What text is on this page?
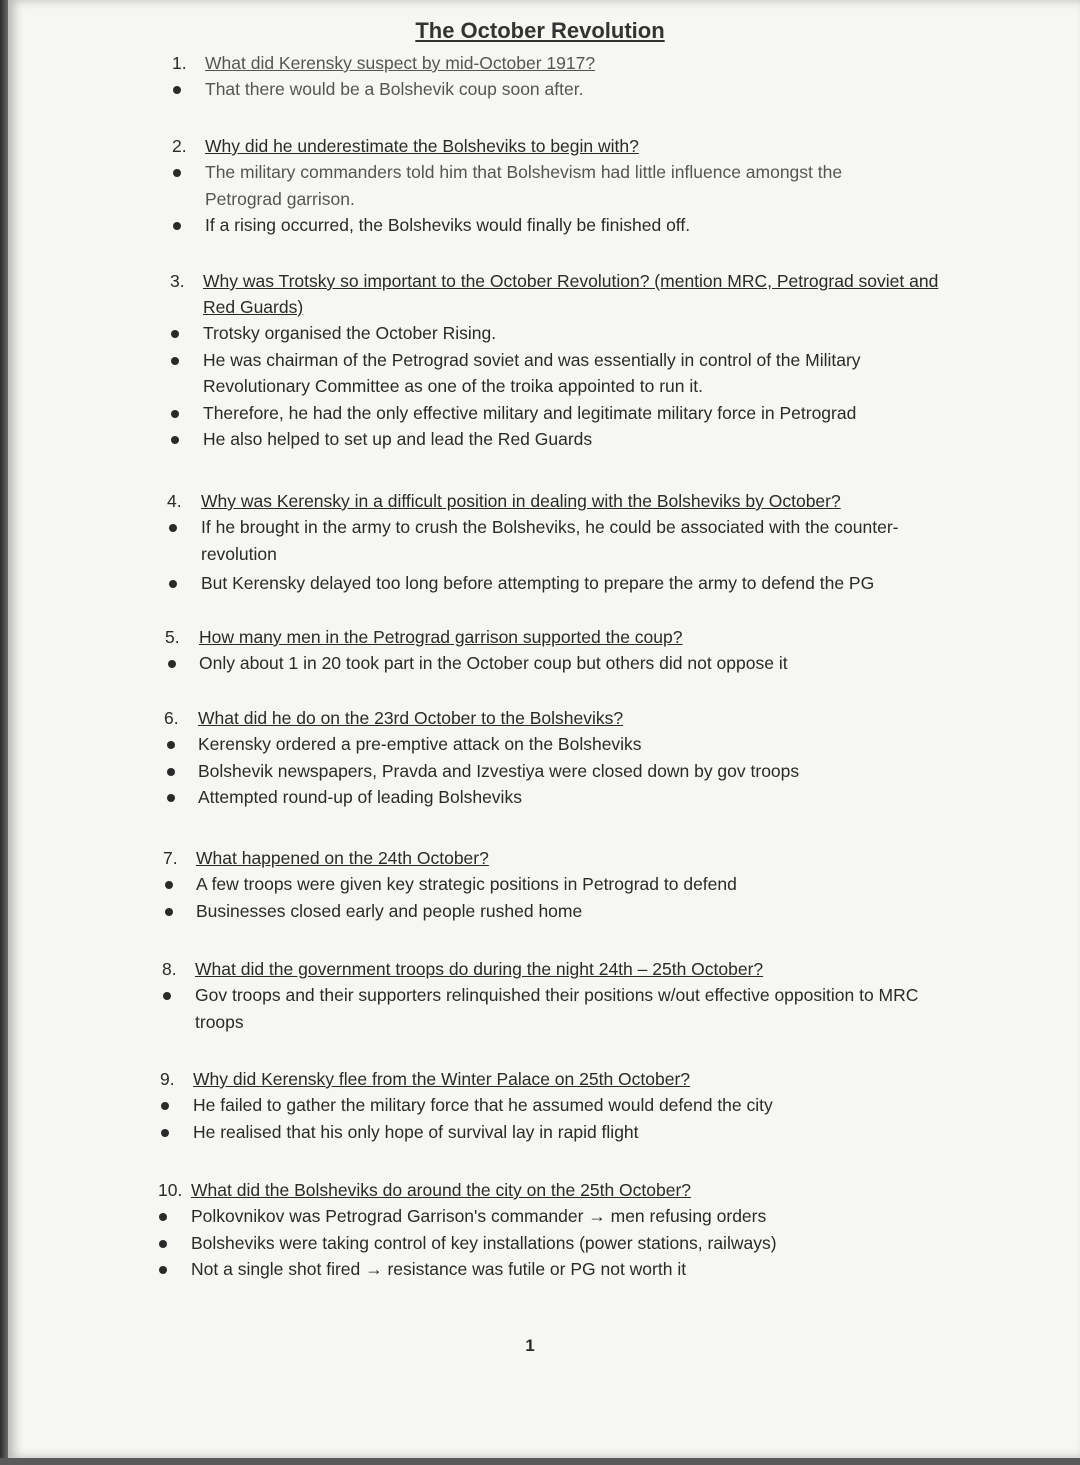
The October Revolution
1.	What did Kerensky suspect by mid-October 1917?
That there would be a Bolshevik coup soon after.
2.	Why did he underestimate the Bolsheviks to begin with?
The military commanders told him that Bolshevism had little influence amongst the Petrograd garrison.
If a rising occurred, the Bolsheviks would finally be finished off.
3.	Why was Trotsky so important to the October Revolution? (mention MRC, Petrograd soviet and Red Guards)
Trotsky organised the October Rising.
He was chairman of the Petrograd soviet and was essentially in control of the Military Revolutionary Committee as one of the troika appointed to run it.
Therefore, he had the only effective military and legitimate military force in Petrograd
He also helped to set up and lead the Red Guards
4.	Why was Kerensky in a difficult position in dealing with the Bolsheviks by October?
If he brought in the army to crush the Bolsheviks, he could be associated with the counter-revolution
But Kerensky delayed too long before attempting to prepare the army to defend the PG
5.	How many men in the Petrograd garrison supported the coup?
Only about 1 in 20 took part in the October coup but others did not oppose it
6.	What did he do on the 23rd October to the Bolsheviks?
Kerensky ordered a pre-emptive attack on the Bolsheviks
Bolshevik newspapers, Pravda and Izvestiya were closed down by gov troops
Attempted round-up of leading Bolsheviks
7.	What happened on the 24th October?
A few troops were given key strategic positions in Petrograd to defend
Businesses closed early and people rushed home
8.	What did the government troops do during the night 24th – 25th October?
Gov troops and their supporters relinquished their positions w/out effective opposition to MRC troops
9.	Why did Kerensky flee from the Winter Palace on 25th October?
He failed to gather the military force that he assumed would defend the city
He realised that his only hope of survival lay in rapid flight
10. What did the Bolsheviks do around the city on the 25th October?
Polkovnikov was Petrograd Garrison's commander → men refusing orders
Bolsheviks were taking control of key installations (power stations, railways)
Not a single shot fired → resistance was futile or PG not worth it
1
